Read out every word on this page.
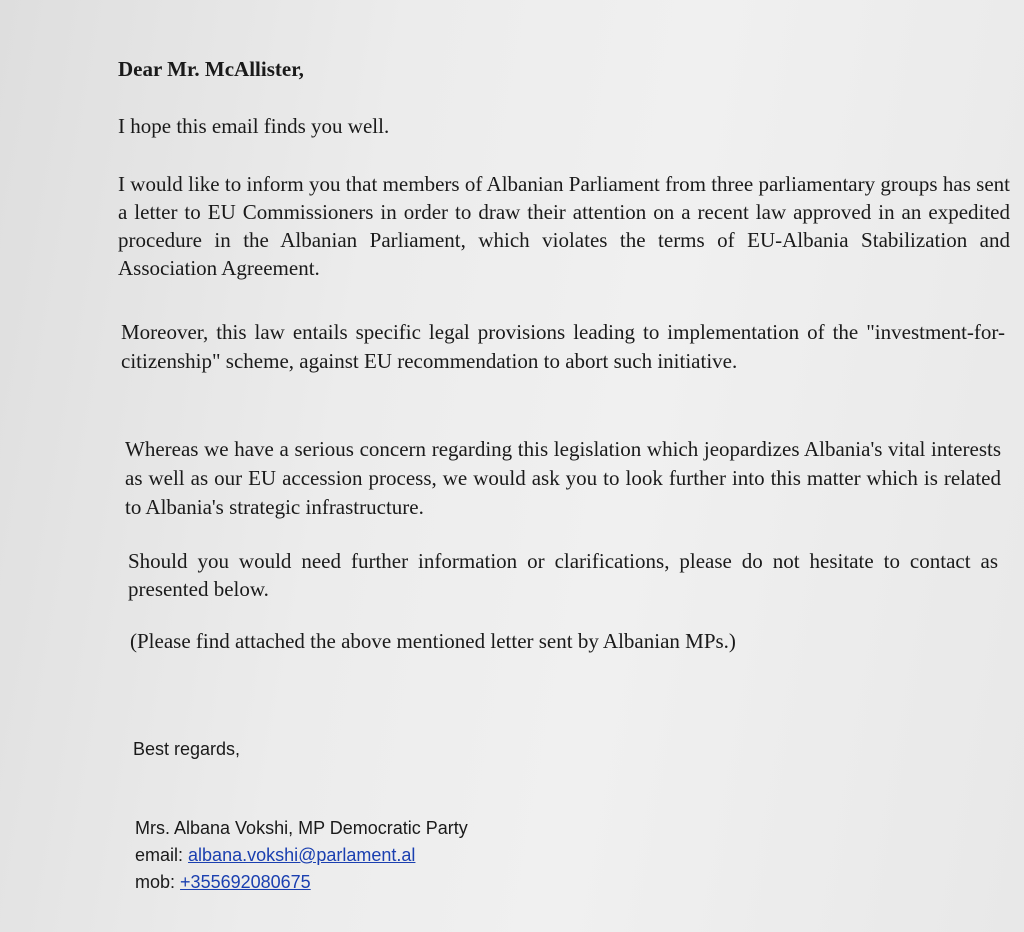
Dear Mr. McAllister,

I hope this email finds you well.

I would like to inform you that members of Albanian Parliament from three parliamentary groups has sent a letter to EU Commissioners in order to draw their attention on a recent law approved in an expedited procedure in the Albanian Parliament, which violates the terms of EU-Albania Stabilization and Association Agreement.

Moreover, this law entails specific legal provisions leading to implementation of the "investment-for-citizenship" scheme, against EU recommendation to abort such initiative.

Whereas we have a serious concern regarding this legislation which jeopardizes Albania's vital interests as well as our EU accession process, we would ask you to look further into this matter which is related to Albania's strategic infrastructure.

Should you would need further information or clarifications, please do not hesitate to contact as presented below.

(Please find attached the above mentioned letter sent by Albanian MPs.)

Best regards,
Mrs. Albana Vokshi, MP Democratic Party
email: albana.vokshi@parlament.al
mob: +355692080675
